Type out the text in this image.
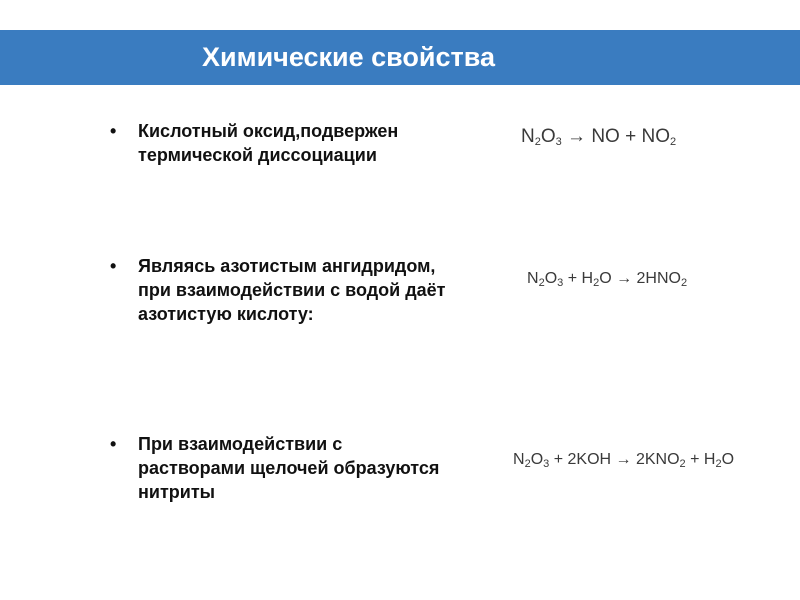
Химические свойства
•	Кислотный оксид,подвержен
термической диссоциации
$N_2O_3$ → NO + $NO_2$
•	Являясь азотистым ангидридом,
при взаимодействии с водой даёт
азотистую кислоту:
$N_2O_3 + H_2O \to 2HNO_2$
•	При взаимодействии с
растворами щелочей образуются
нитриты
$N_2O_3 + 2KOH \to 2KNO_2 + H_2O$
